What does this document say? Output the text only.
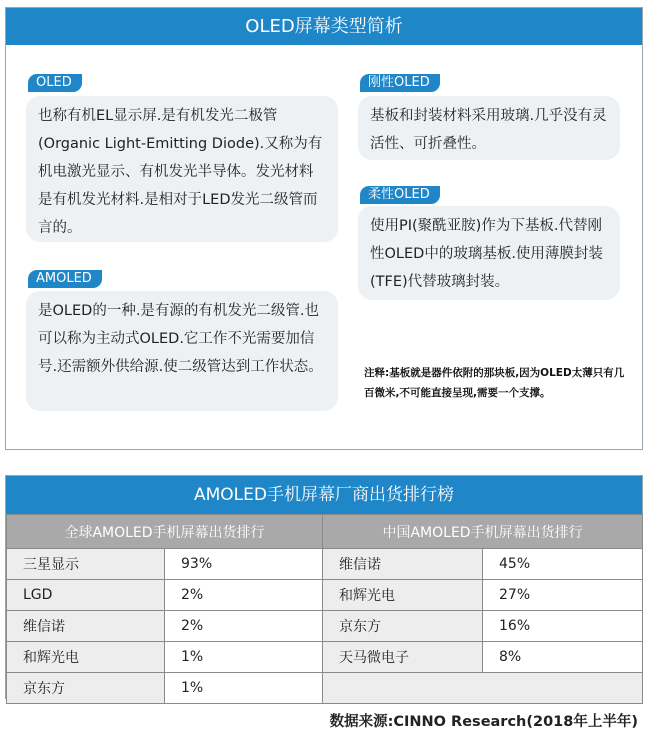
OLED屏幕类型简析
OLED
也称有机EL显示屏.是有机发光二极管(Organic Light-Emitting Diode).又称为有机电激光显示、有机发光半导体。发光材料是有机发光材料.是相对于LED发光二级管而言的。
AMOLED
是OLED的一种.是有源的有机发光二级管.也可以称为主动式OLED.它工作不光需要加信号.还需额外供给源.使二级管达到工作状态。
刚性OLED
基板和封装材料采用玻璃.几乎没有灵活性、可折叠性。
柔性OLED
使用PI(聚酰亚胺)作为下基板.代替刚性OLED中的玻璃基板.使用薄膜封装(TFE)代替玻璃封装。
注释:基板就是器件依附的那块板,因为OLED太薄只有几百微米,不可能直接呈现,需要一个支撑。
AMOLED手机屏幕厂商出货排行榜
全球AMOLED手机屏幕出货排行		中国AMOLED手机屏幕出货排行	
三星显示	93%	维信诺	45%
LGD	2%	和辉光电	27%
维信诺	2%	京东方	16%
和辉光电	1%	天马微电子	8%
京东方	1%		
数据来源:CINNO Research(2018年上半年)
